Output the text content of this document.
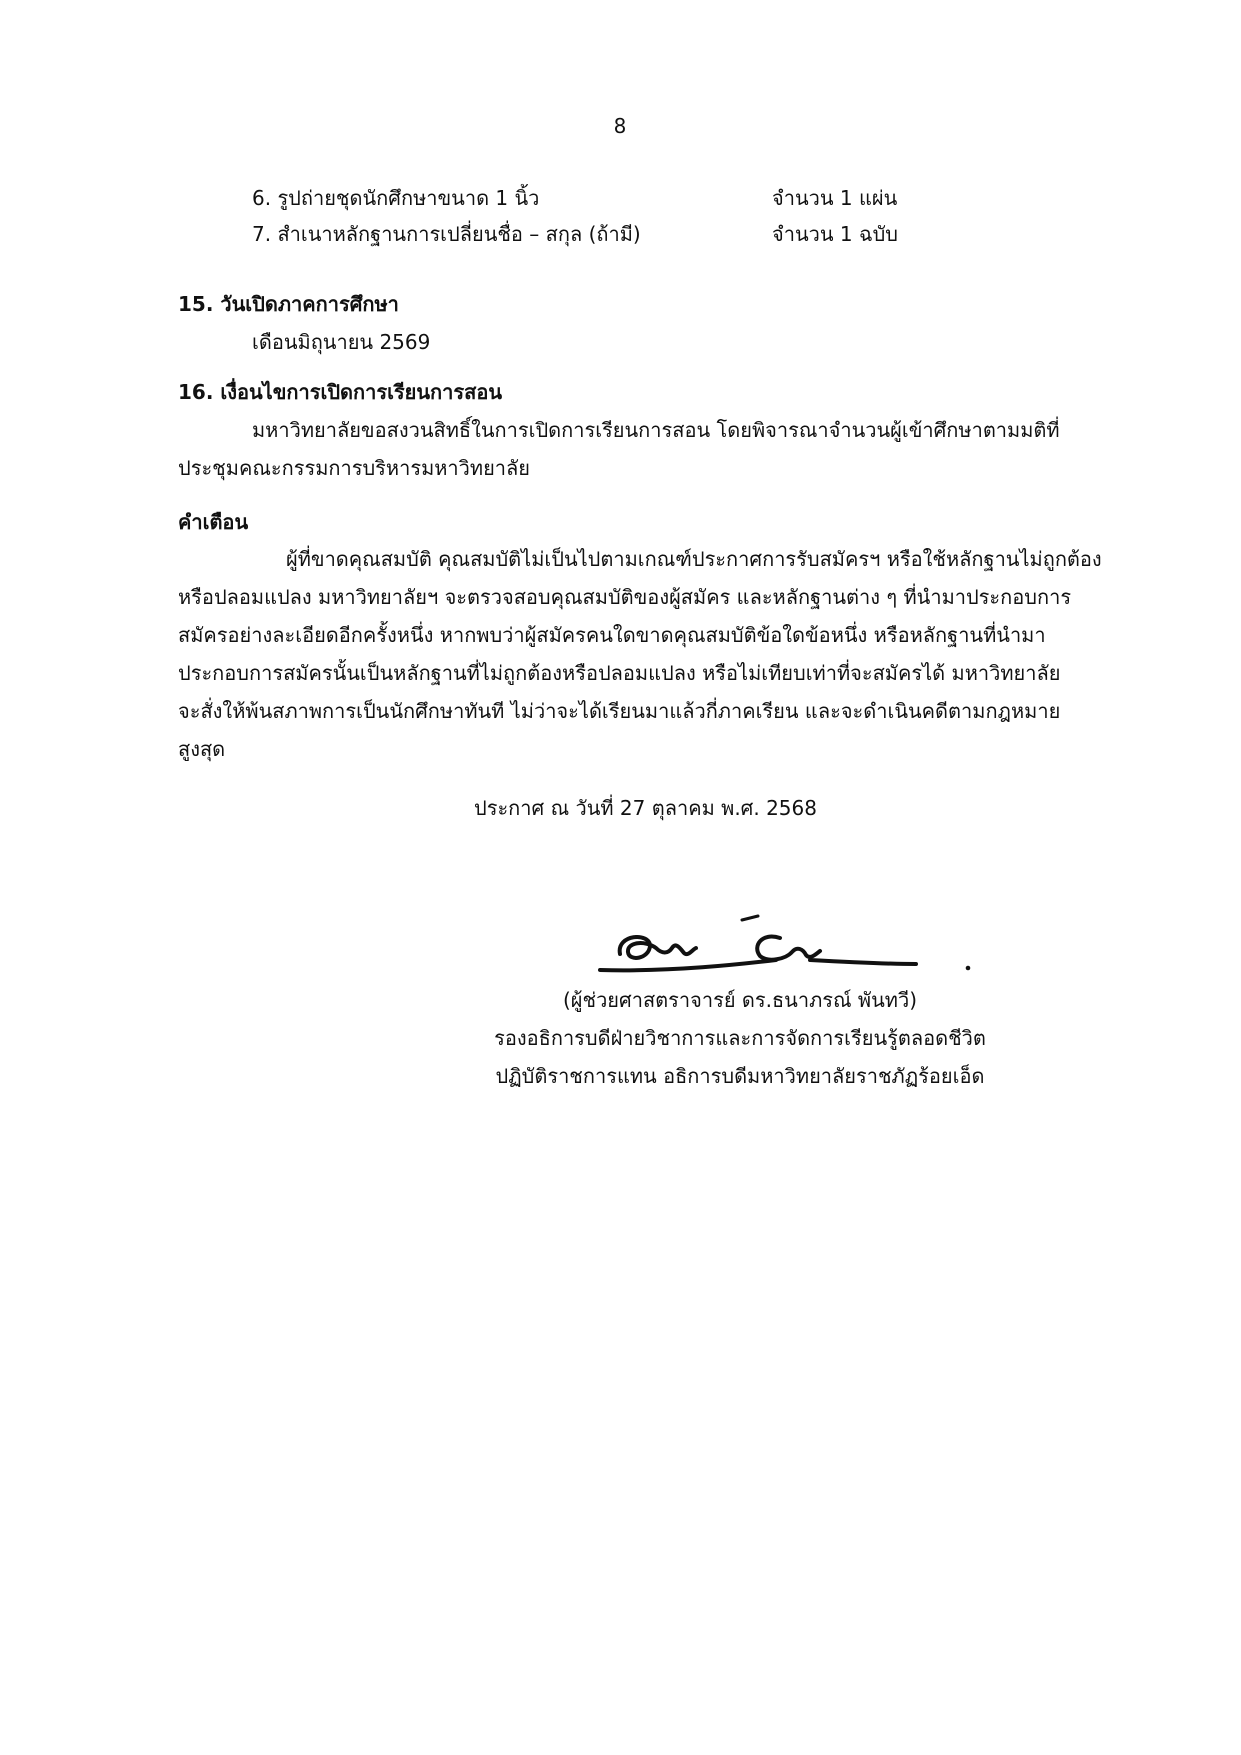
8
6. รูปถ่ายชุดนักศึกษาขนาด 1 นิ้ว	จำนวน 1 แผ่น
7. สำเนาหลักฐานการเปลี่ยนชื่อ – สกุล (ถ้ามี)	จำนวน 1 ฉบับ
15. วันเปิดภาคการศึกษา
เดือนมิถุนายน 2569
16. เงื่อนไขการเปิดการเรียนการสอน
มหาวิทยาลัยขอสงวนสิทธิ์ในการเปิดการเรียนการสอน โดยพิจารณาจำนวนผู้เข้าศึกษาตามมติที่
ประชุมคณะกรรมการบริหารมหาวิทยาลัย
คำเตือน
ผู้ที่ขาดคุณสมบัติ คุณสมบัติไม่เป็นไปตามเกณฑ์ประกาศการรับสมัครฯ หรือใช้หลักฐานไม่ถูกต้อง
หรือปลอมแปลง มหาวิทยาลัยฯ จะตรวจสอบคุณสมบัติของผู้สมัคร และหลักฐานต่าง ๆ ที่นำมาประกอบการ
สมัครอย่างละเอียดอีกครั้งหนึ่ง หากพบว่าผู้สมัครคนใดขาดคุณสมบัติข้อใดข้อหนึ่ง หรือหลักฐานที่นำมา
ประกอบการสมัครนั้นเป็นหลักฐานที่ไม่ถูกต้องหรือปลอมแปลง หรือไม่เทียบเท่าที่จะสมัครได้ มหาวิทยาลัย
จะสั่งให้พ้นสภาพการเป็นนักศึกษาทันที ไม่ว่าจะได้เรียนมาแล้วกี่ภาคเรียน และจะดำเนินคดีตามกฎหมาย
สูงสุด
ประกาศ ณ วันที่ 27 ตุลาคม พ.ศ. 2568
(ผู้ช่วยศาสตราจารย์ ดร.ธนาภรณ์ พันทวี)
รองอธิการบดีฝ่ายวิชาการและการจัดการเรียนรู้ตลอดชีวิต
ปฏิบัติราชการแทน อธิการบดีมหาวิทยาลัยราชภัฏร้อยเอ็ด
